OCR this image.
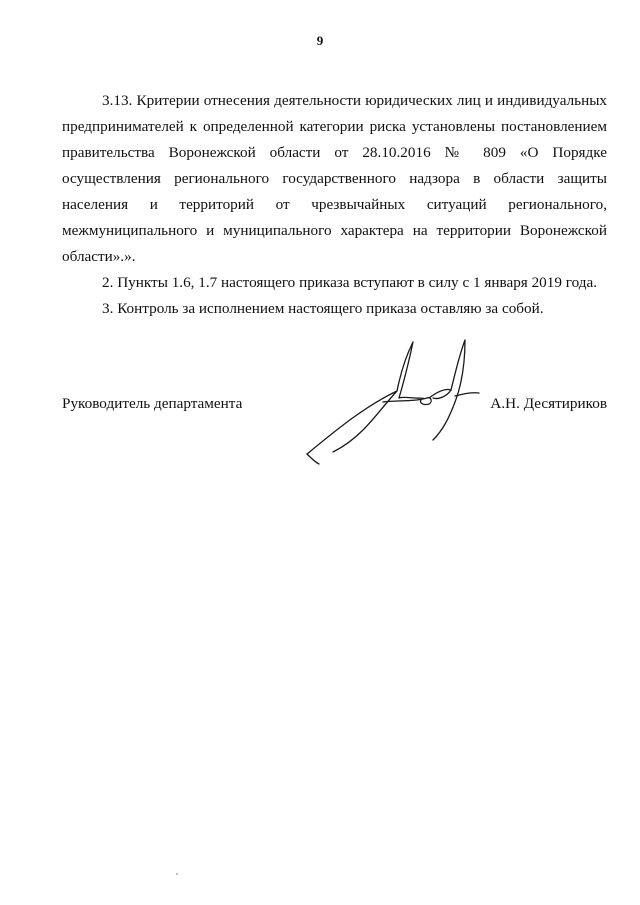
9

3.13. Критерии отнесения деятельности юридических лиц и индивидуальных предпринимателей к определенной категории риска установлены постановлением правительства Воронежской области от 28.10.2016 № 809 «О Порядке осуществления регионального государственного надзора в области защиты населения и территорий от чрезвычайных ситуаций регионального, межмуниципального и муниципального характера на территории Воронежской области».».

2. Пункты 1.6, 1.7 настоящего приказа вступают в силу с 1 января 2019 года.

3. Контроль за исполнением настоящего приказа оставляю за собой.

Руководитель департамента	А.Н. Десятириков
